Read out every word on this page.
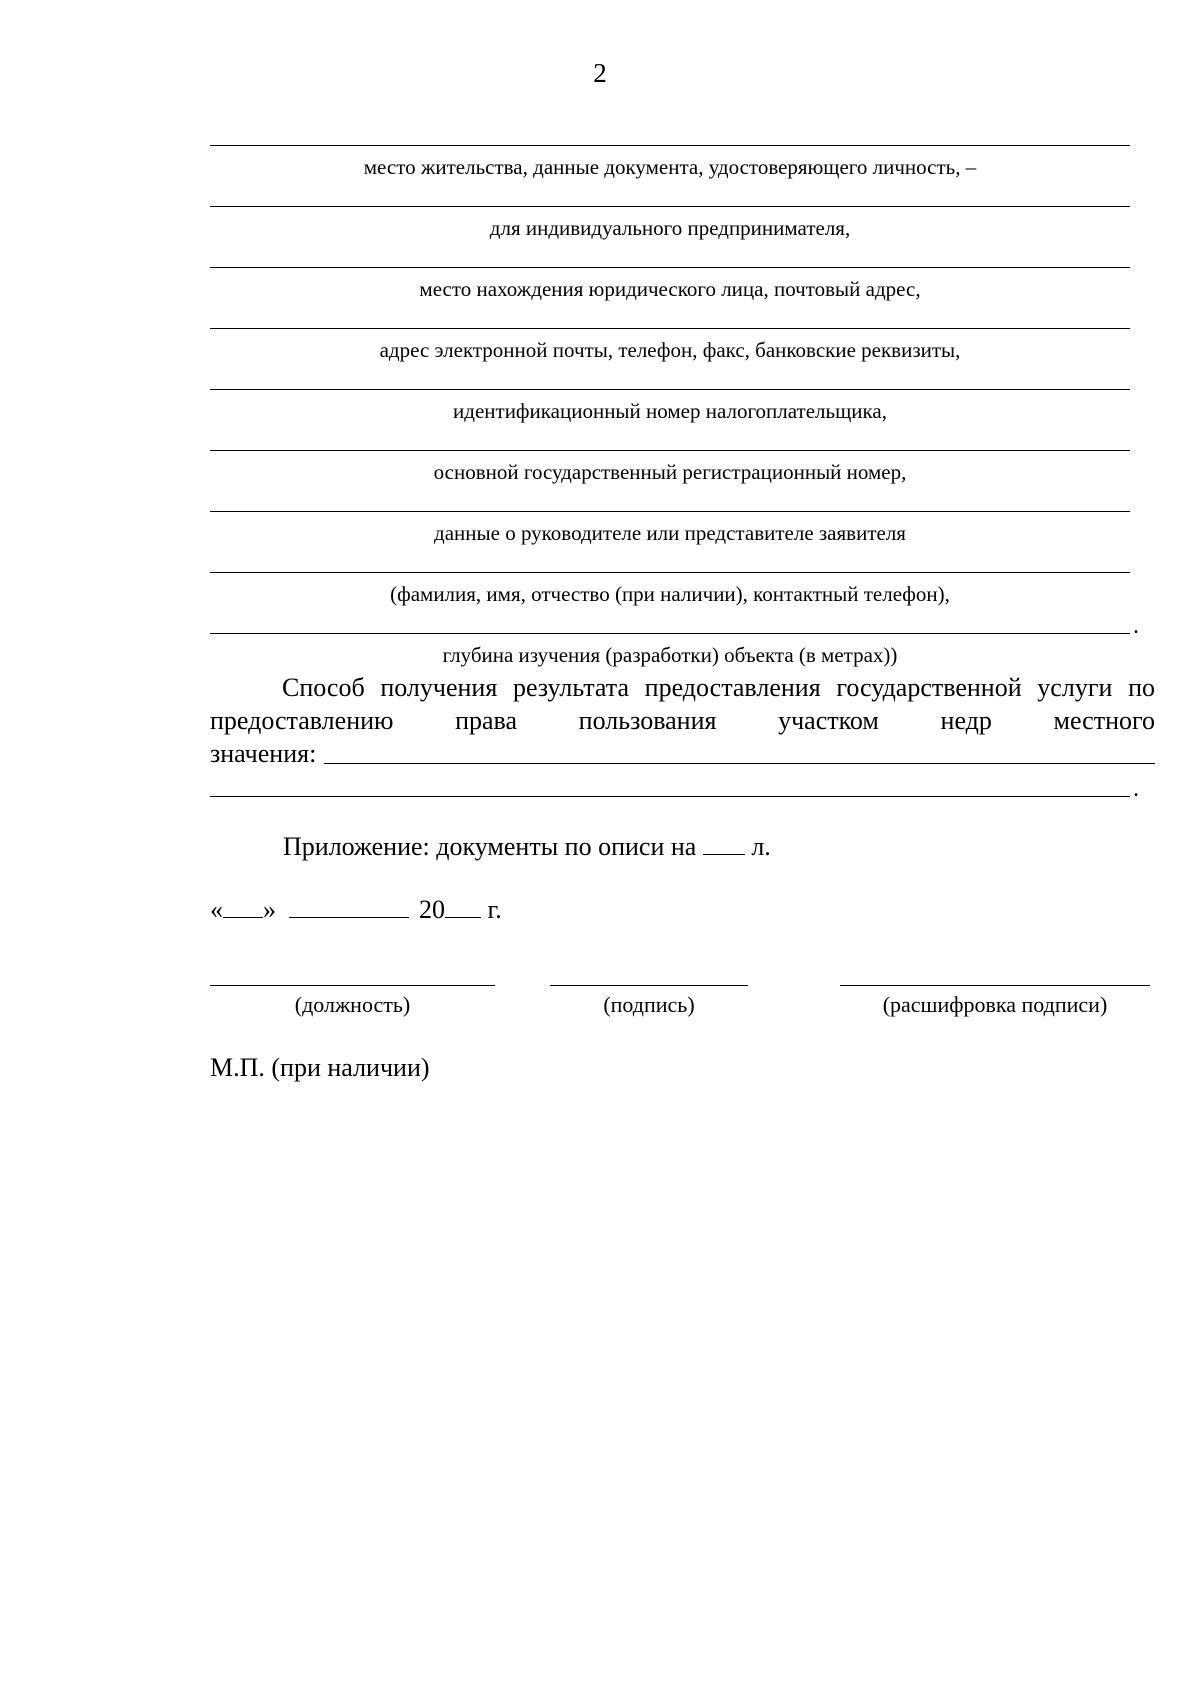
2
место жительства, данные документа, удостоверяющего личность, –
для индивидуального предпринимателя,
место нахождения юридического лица, почтовый адрес,
адрес электронной почты, телефон, факс, банковские реквизиты,
идентификационный номер налогоплательщика,
основной государственный регистрационный номер,
данные о руководителе или представителе заявителя
(фамилия, имя, отчество (при наличии), контактный телефон),
глубина изучения (разработки) объекта (в метрах))
.
Способ получения результата предоставления государственной услуги по предоставлению права пользования участком недр местного
значения:
.
Приложение: документы по описи на л.
« »	20 г.
(должность)	(подпись)	(расшифровка подписи)
М.П. (при наличии)
